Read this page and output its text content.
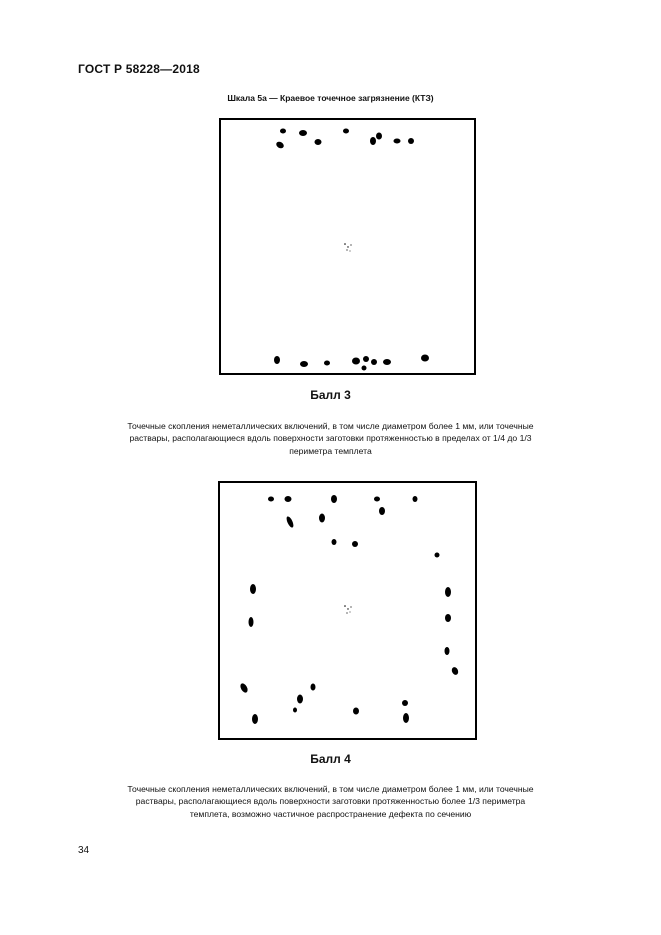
ГОСТ Р 58228—2018
Шкала 5а — Краевое точечное загрязнение (КТЗ)
Балл 3
Точечные скопления неметаллических включений, в том числе диаметром более 1 мм, или точечные раствары, располагающиеся вдоль поверхности заготовки протяженностью в пределах от 1/4 до 1/3 периметра темплета
Балл 4
Точечные скопления неметаллических включений, в том числе диаметром более 1 мм, или точечные раствары, располагающиеся вдоль поверхности заготовки протяженностью более 1/3 периметра темплета, возможно частичное распространение дефекта по сечению
34
